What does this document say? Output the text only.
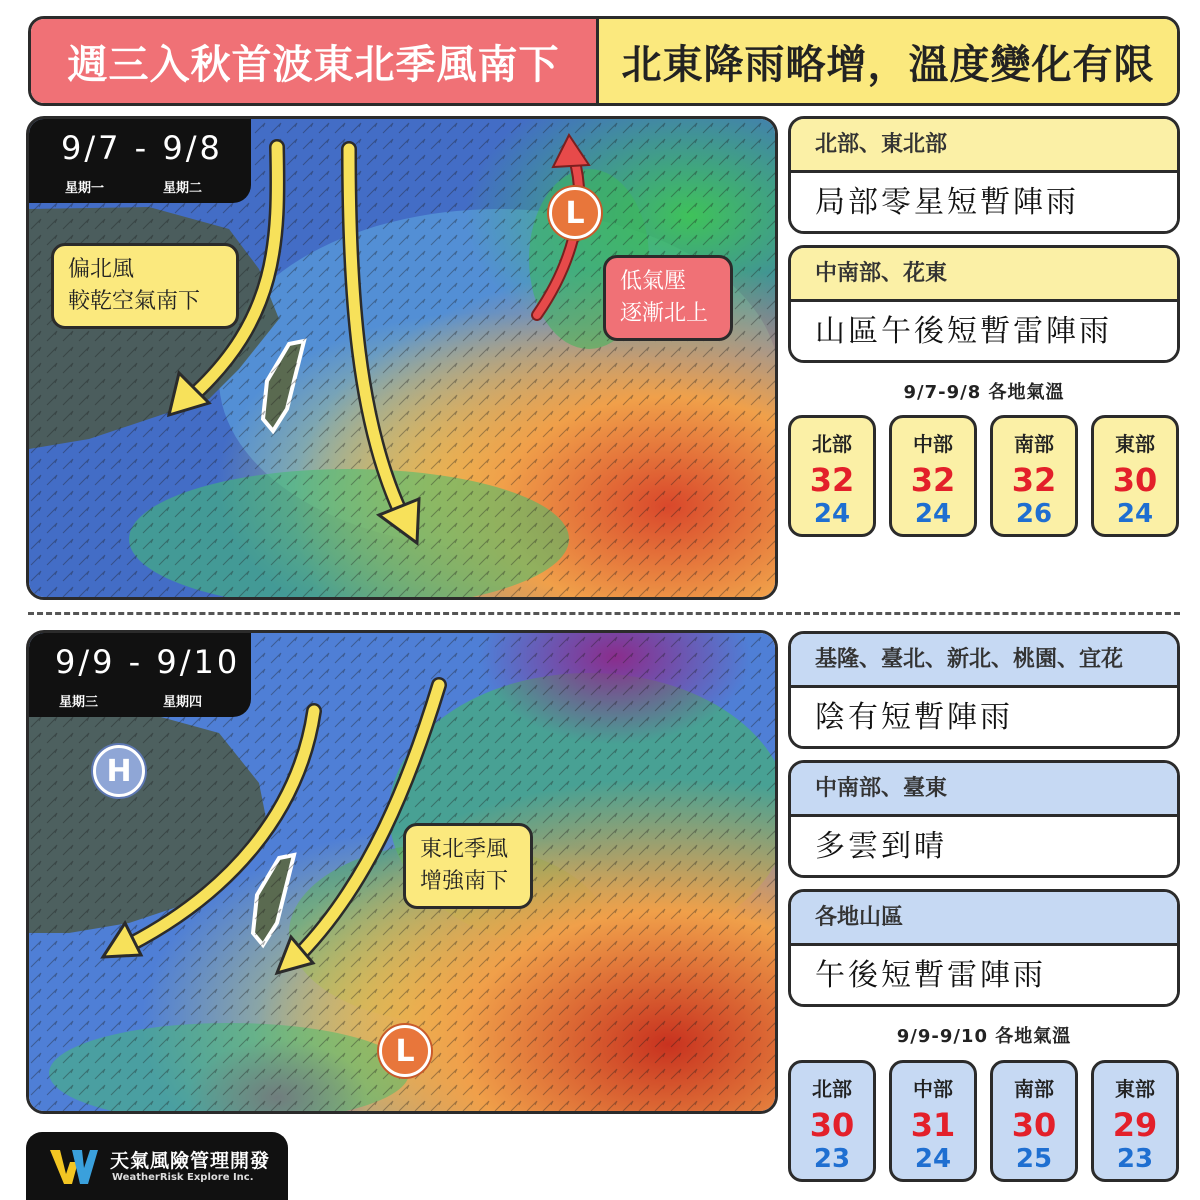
週三入秋首波東北季風南下 北東降雨略增，溫度變化有限
9/7 - 9/8
星期一	星期二
偏北風
較乾空氣南下
低氣壓
逐漸北上
L
北部、東北部
局部零星短暫陣雨
中南部、花東
山區午後短暫雷陣雨
9/7-9/8 各地氣溫
北部
32
24
中部
32
24
南部
32
26
東部
30
24
9/9 - 9/10
星期三	星期四
東北季風
增強南下
H
L
基隆、臺北、新北、桃園、宜花
陰有短暫陣雨
中南部、臺東
多雲到晴
各地山區
午後短暫雷陣雨
9/9-9/10 各地氣溫
北部
30
23
中部
31
24
南部
30
25
東部
29
23
天氣風險管理開發
WeatherRisk Explore Inc.
